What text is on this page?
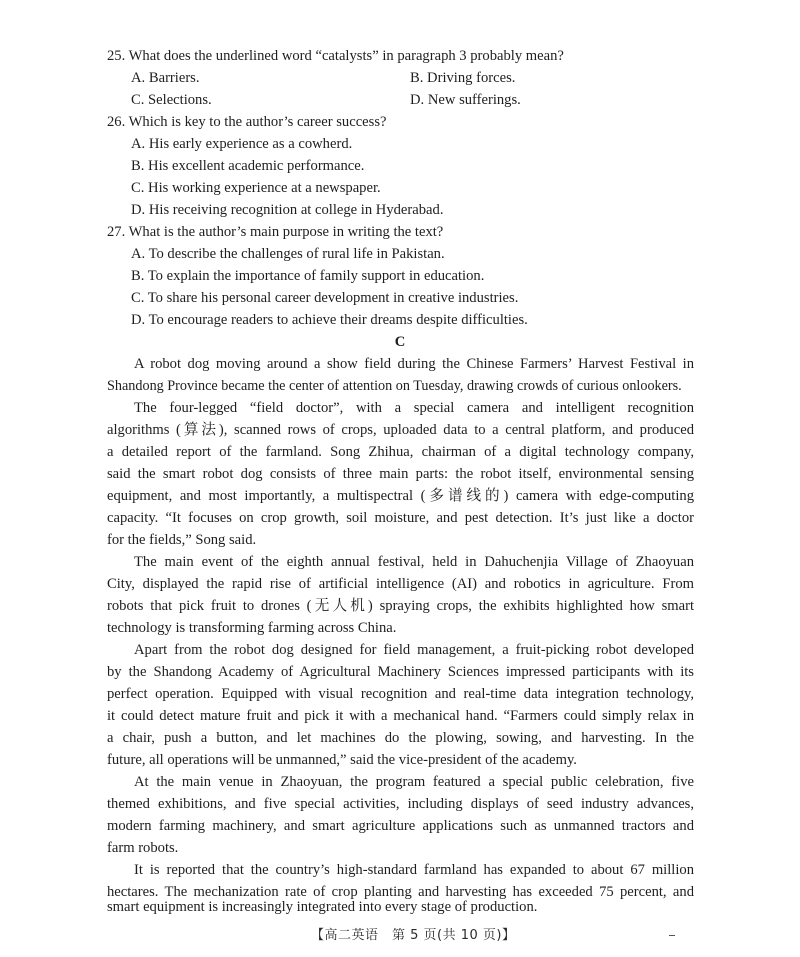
25. What does the underlined word “catalysts” in paragraph 3 probably mean?
A. Barriers.	B. Driving forces.
C. Selections.	D. New sufferings.
26. Which is key to the author’s career success?
A. His early experience as a cowherd.
B. His excellent academic performance.
C. His working experience at a newspaper.
D. His receiving recognition at college in Hyderabad.
27. What is the author’s main purpose in writing the text?
A. To describe the challenges of rural life in Pakistan.
B. To explain the importance of family support in education.
C. To share his personal career development in creative industries.
D. To encourage readers to achieve their dreams despite difficulties.
C
A robot dog moving around a show field during the Chinese Farmers’ Harvest Festival in
Shandong Province became the center of attention on Tuesday, drawing crowds of curious onlookers.
The four-legged “field doctor”, with a special camera and intelligent recognition
algorithms (算法), scanned rows of crops, uploaded data to a central platform, and produced
a detailed report of the farmland. Song Zhihua, chairman of a digital technology company,
said the smart robot dog consists of three main parts: the robot itself, environmental sensing
equipment, and most importantly, a multispectral (多谱线的) camera with edge-computing
capacity. “It focuses on crop growth, soil moisture, and pest detection. It’s just like a doctor
for the fields,” Song said.
The main event of the eighth annual festival, held in Dahuchenjia Village of Zhaoyuan
City, displayed the rapid rise of artificial intelligence (AI) and robotics in agriculture. From
robots that pick fruit to drones (无人机) spraying crops, the exhibits highlighted how smart
technology is transforming farming across China.
Apart from the robot dog designed for field management, a fruit-picking robot developed
by the Shandong Academy of Agricultural Machinery Sciences impressed participants with its
perfect operation. Equipped with visual recognition and real-time data integration technology,
it could detect mature fruit and pick it with a mechanical hand. “Farmers could simply relax in
a chair, push a button, and let machines do the plowing, sowing, and harvesting. In the
future, all operations will be unmanned,” said the vice-president of the academy.
At the main venue in Zhaoyuan, the program featured a special public celebration, five
themed exhibitions, and five special activities, including displays of seed industry advances,
modern farming machinery, and smart agriculture applications such as unmanned tractors and
farm robots.
It is reported that the country’s high-standard farmland has expanded to about 67 million
hectares. The mechanization rate of crop planting and harvesting has exceeded 75 percent, and
smart equipment is increasingly integrated into every stage of production.
【高二英语　第 5 页(共 10 页)】
